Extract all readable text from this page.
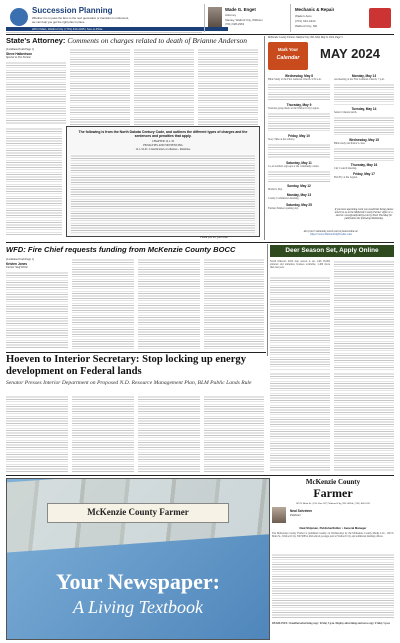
Succession Planning
Whether it is to pass the farm to the next generation or transition to retirement,
we can help you get the right plan in place.
209 N Main, Watford City | (701) 444-2345 | Sun-Li-Pride
Wade G. Enget
Attorney
Stanley, Watford City, Williston
(701) 628-2963
Mechanic & Repair
Wade's Auto
(701) 444-4444
Watford City, ND
State's Attorney: Comments on charges related to death of Brianne Anderson
(Continued from Page 1)
Steve Halbertson
Special to The Farmer
The following is from the North Dakota Century Code, and outlines the different types of charges and the sentences and penalties that apply.
CHAPTER 12.1-32
PENALTIES AND SENTENCING
12.1-32-01. Classification of offenses - Penalties.
Thank you for your time.
McKenzie County Farmer, Watford City, ND, Wed, May 8, 2024, Page 3
Mark Your
Calendar	MAY 2024
Wednesday, May 8
Bible Study at the First Lutheran Church, 9:30 a.m.
Thursday, May 9
Veterans group meets at the Watford City Legion.
Friday, May 10
Story Time at the Library.
Saturday, May 11
Co-ed softball, sign-ups at the community center.
Sunday, May 12
Mother's Day.
Monday, May 13
County Commission meeting.
Saturday, May 25
Farmers Market opening day.
Monday, May 13
AA meeting at the First Lutheran Church, 7 p.m.
Tuesday, May 14
Senior Citizens lunch.
Wednesday, May 15
Bible study and Pastor's class.
Thursday, May 16
City Council meeting.
Friday, May 17
Fish Fry at the Legion.
If you have upcoming event you would like listed, please send it to us at the McKenzie County Farmer office or e-mail to: news@watfordcity.com by Noon Thursday for publication the following Wednesday.
All of our Community events can be found online at:
https://www.WatfordCityEvents.com
WFD: Fire Chief requests funding from McKenzie County BOCC
(Continued from Page 1)
Kristen Jones
Farmer Staff Writer
Deer Season Set, Apply Online
North Dakota's 2024 deer season is set, with 58,000 antlered and antlerless licenses available, 1,400 more than last year.
Hoeven to Interior Secretary: Stop locking up energy development on Federal lands
Senator Presses Interior Department on Proposed N.D. Resource Management Plan, BLM Public Lands Rule
McKenzie County Farmer
Your Newspaper:
A Living Textbook
McKenzie County
Farmer
109 N. Main St. | P.O. Box 587 | Watford City, ND 58854 | (701) 842-2351
Neal Schreiner
Publisher
Neal Shipman, Publisher/Editor • General Manager
The McKenzie County Farmer is published weekly on Wednesdays by the McKenzie County Media LLC, 109 N. Main St., Watford City, ND 58854. Periodicals postage paid at Watford City and additional mailing offices.
DEADLINES: Classified advertising copy: Friday 5 p.m. Display advertising and news copy: Friday 5 p.m.
